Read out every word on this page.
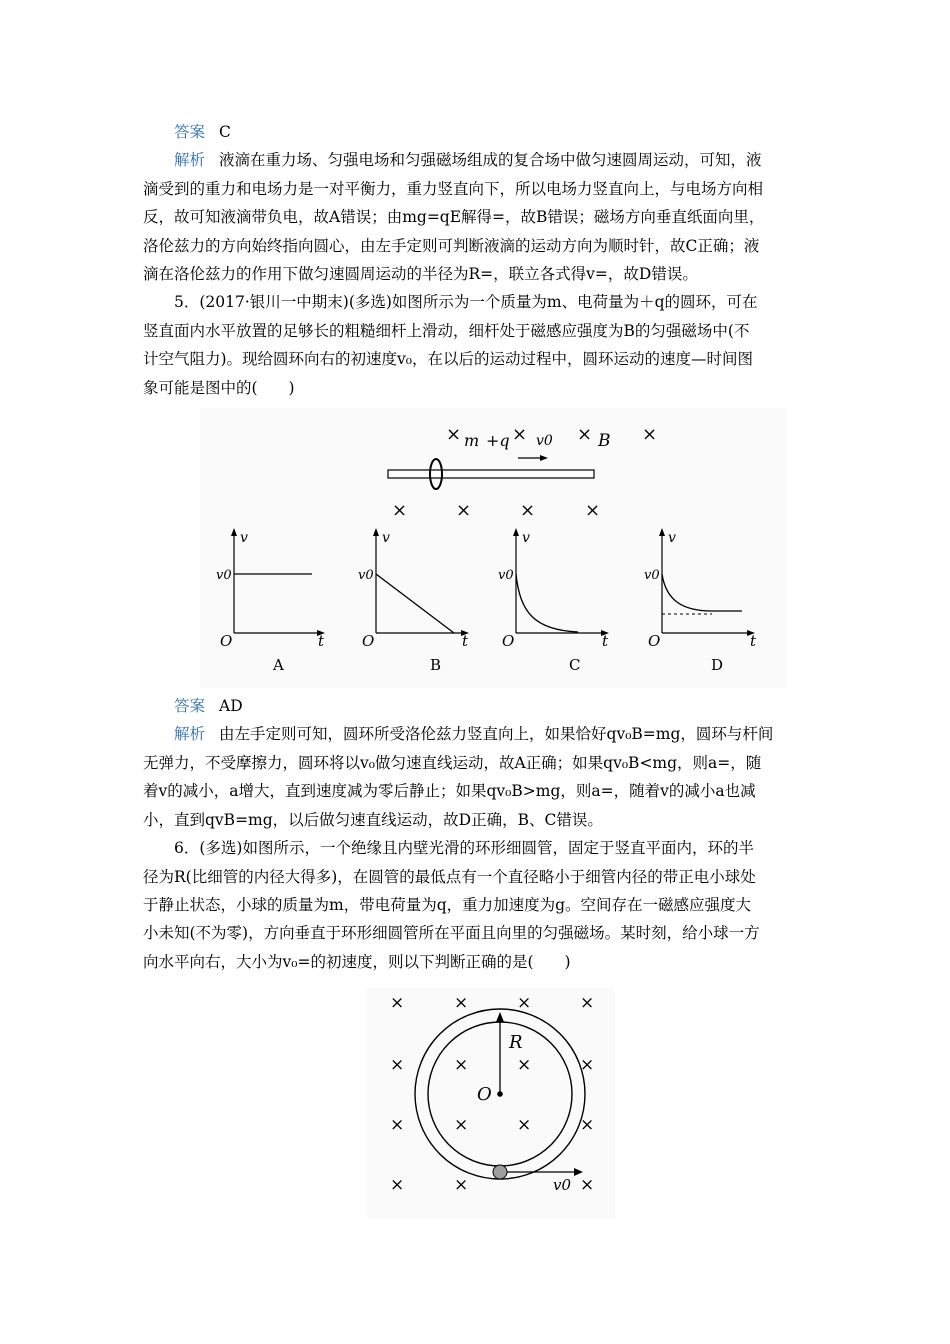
答案 C

解析 液滴在重力场、匀强电场和匀强磁场组成的复合场中做匀速圆周运动，可知，液

滴受到的重力和电场力是一对平衡力，重力竖直向下，所以电场力竖直向上，与电场方向相

反，故可知液滴带负电，故A错误；由mg=qE解得=，故B错误；磁场方向垂直纸面向里，

洛伦兹力的方向始终指向圆心，由左手定则可判断液滴的运动方向为顺时针，故C正确；液

滴在洛伦兹力的作用下做匀速圆周运动的半径为R=，联立各式得v=，故D错误。

5．(2017·银川一中期末)(多选)如图所示为一个质量为m、电荷量为＋q的圆环，可在

竖直面内水平放置的足够长的粗糙细杆上滑动，细杆处于磁感应强度为B的匀强磁场中(不

计空气阻力)。现给圆环向右的初速度v₀，在以后的运动过程中，圆环运动的速度—时间图

象可能是图中的(　　)

×	×	×	×
m +q v0	B
×	×	×	×
v
v0
O	t
A
v
v0
O	t
B
v
v0
O	t
C
v
v0
O	t
D

答案 AD

解析 由左手定则可知，圆环所受洛伦兹力竖直向上，如果恰好qv₀B=mg，圆环与杆间

无弹力，不受摩擦力，圆环将以v₀做匀速直线运动，故A正确；如果qv₀B<mg，则a=，随

着v的减小，a增大，直到速度减为零后静止；如果qv₀B>mg，则a=，随着v的减小a也减

小，直到qvB=mg，以后做匀速直线运动，故D正确，B、C错误。

6．(多选)如图所示，一个绝缘且内壁光滑的环形细圆管，固定于竖直平面内，环的半

径为R(比细管的内径大得多)，在圆管的最低点有一个直径略小于细管内径的带正电小球处

于静止状态，小球的质量为m，带电荷量为q，重力加速度为g。空间存在一磁感应强度大

小未知(不为零)，方向垂直于环形细圆管所在平面且向里的匀强磁场。某时刻，给小球一方

向水平向右，大小为v₀=的初速度，则以下判断正确的是(　　)

×	×	×	×
×	×	×	×
×	×	×	×
×	×	×
R
O
v0
